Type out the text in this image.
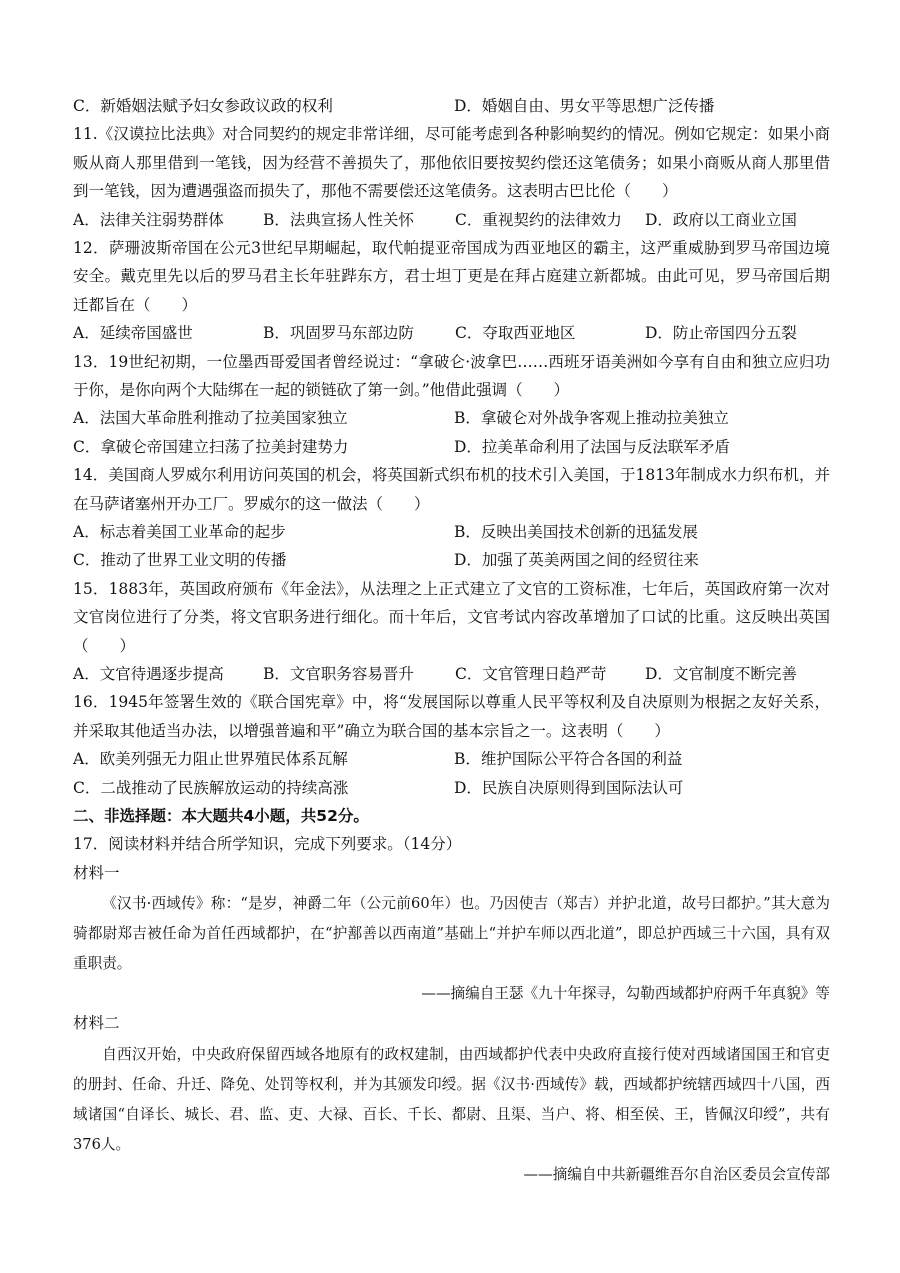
C．新婚姻法赋予妇女参政议政的权利	D．婚姻自由、男女平等思想广泛传播
11.《汉谟拉比法典》对合同契约的规定非常详细，尽可能考虑到各种影响契约的情况。例如它规定：如果小商贩从商人那里借到一笔钱，因为经营不善损失了，那他依旧要按契约偿还这笔债务；如果小商贩从商人那里借到一笔钱，因为遭遇强盗而损失了，那他不需要偿还这笔债务。这表明古巴比伦（　　）
A．法律关注弱势群体	B．法典宣扬人性关怀	C．重视契约的法律效力	D．政府以工商业立国
12．萨珊波斯帝国在公元3世纪早期崛起，取代帕提亚帝国成为西亚地区的霸主，这严重威胁到罗马帝国边境安全。戴克里先以后的罗马君主长年驻跸东方，君士坦丁更是在拜占庭建立新都城。由此可见，罗马帝国后期迁都旨在（　　）
A．延续帝国盛世	B．巩固罗马东部边防	C．夺取西亚地区	D．防止帝国四分五裂
13．19世纪初期，一位墨西哥爱国者曾经说过：“拿破仑·波拿巴……西班牙语美洲如今享有自由和独立应归功于你，是你向两个大陆绑在一起的锁链砍了第一剑。”他借此强调（　　）
A．法国大革命胜利推动了拉美国家独立	B．拿破仑对外战争客观上推动拉美独立
C．拿破仑帝国建立扫荡了拉美封建势力	D．拉美革命利用了法国与反法联军矛盾
14．美国商人罗威尔利用访问英国的机会，将英国新式织布机的技术引入美国，于1813年制成水力织布机，并在马萨诸塞州开办工厂。罗威尔的这一做法（　　）
A．标志着美国工业革命的起步	B．反映出美国技术创新的迅猛发展
C．推动了世界工业文明的传播	D．加强了英美两国之间的经贸往来
15．1883年，英国政府颁布《年金法》，从法理之上正式建立了文官的工资标准，七年后，英国政府第一次对文官岗位进行了分类，将文官职务进行细化。而十年后，文官考试内容改革增加了口试的比重。这反映出英国（　　）
A．文官待遇逐步提高	B．文官职务容易晋升	C．文官管理日趋严苛	D．文官制度不断完善
16．1945年签署生效的《联合国宪章》中，将“发展国际以尊重人民平等权利及自决原则为根据之友好关系，并采取其他适当办法，以增强普遍和平”确立为联合国的基本宗旨之一。这表明（　　）
A．欧美列强无力阻止世界殖民体系瓦解	B．维护国际公平符合各国的利益
C．二战推动了民族解放运动的持续高涨	D．民族自决原则得到国际法认可
二、非选择题：本大题共4小题，共52分。
17．阅读材料并结合所学知识，完成下列要求。（14分）
材料一
《汉书·西域传》称：“是岁，神爵二年（公元前60年）也。乃因使吉（郑吉）并护北道，故号曰都护。”其大意为骑都尉郑吉被任命为首任西域都护，在“护鄯善以西南道”基础上“并护车师以西北道”，即总护西域三十六国，具有双重职责。
——摘编自王瑟《九十年探寻，勾勒西域都护府两千年真貌》等
材料二
自西汉开始，中央政府保留西域各地原有的政权建制，由西域都护代表中央政府直接行使对西域诸国国王和官吏的册封、任命、升迁、降免、处罚等权利，并为其颁发印绶。据《汉书·西域传》载，西域都护统辖西域四十八国，西域诸国“自译长、城长、君、监、吏、大禄、百长、千长、都尉、且渠、当户、将、相至侯、王，皆佩汉印绶”，共有376人。
——摘编自中共新疆维吾尔自治区委员会宣传部
